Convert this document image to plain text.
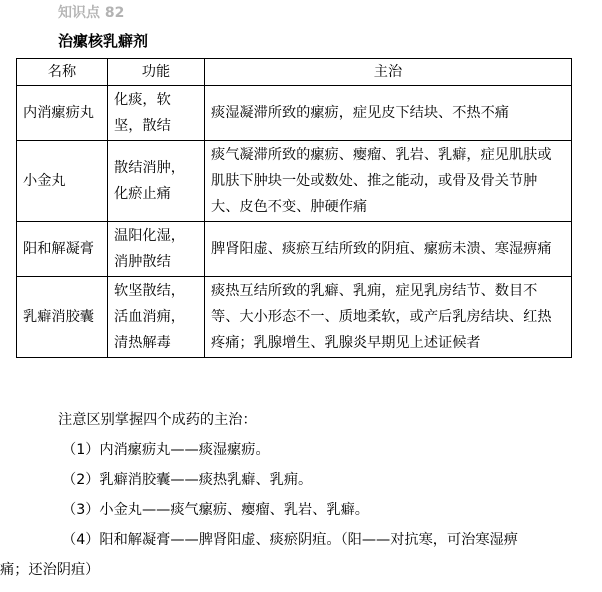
知识点 82
治瘰核乳癖剂
名称	功能	主治
内消瘰疬丸	化痰，软坚，散结	痰湿凝滞所致的瘰疬，症见皮下结块、不热不痛
小金丸	散结消肿，化瘀止痛	痰气凝滞所致的瘰疬、瘿瘤、乳岩、乳癖，症见肌肤或肌肤下肿块一处或数处、推之能动，或骨及骨关节肿大、皮色不变、肿硬作痛
阳和解凝膏	温阳化湿，消肿散结	脾肾阳虚、痰瘀互结所致的阴疽、瘰疬未溃、寒湿痹痛
乳癖消胶囊	软坚散结，活血消痈，清热解毒	痰热互结所致的乳癖、乳痈，症见乳房结节、数目不等、大小形态不一、质地柔软，或产后乳房结块、红热疼痛；乳腺增生、乳腺炎早期见上述证候者
注意区别掌握四个成药的主治：
（1）内消瘰疬丸——痰湿瘰疬。
（2）乳癖消胶囊——痰热乳癖、乳痈。
（3）小金丸——痰气瘰疬、瘿瘤、乳岩、乳癖。
（4）阳和解凝膏——脾肾阳虚、痰瘀阴疽。（阳——对抗寒，可治寒湿痹
痛；还治阴疽）
